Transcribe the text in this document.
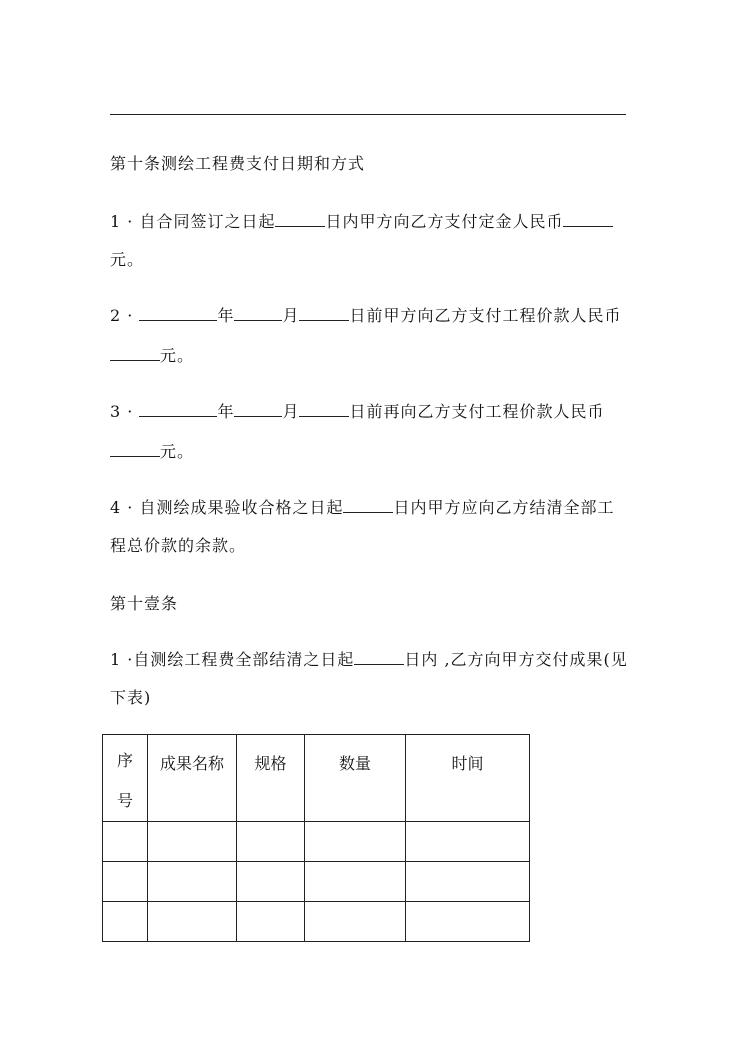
第十条测绘工程费支付日期和方式
1 · 自合同签订之日起	日内甲方向乙方支付定金人民币
元。
2 ·	年	月	日前甲方向乙方支付工程价款人民币
元。
3 ·	年	月	日前再向乙方支付工程价款人民币
元。
4 · 自测绘成果验收合格之日起	日内甲方应向乙方结清全部工
程总价款的余款。
第十壹条
1 ·自测绘工程费全部结清之日起	日内 ,乙方向甲方交付成果(见
下表)
序
号	成果名称	规格	数量	时间
